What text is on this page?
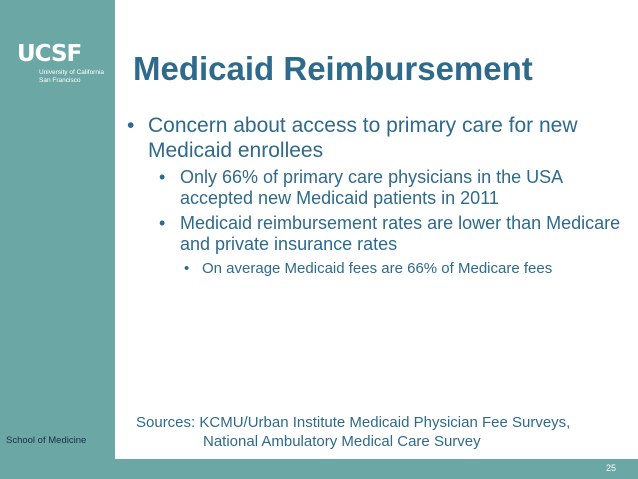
UCSF
University of California
San Francisco
School of Medicine
Medicaid Reimbursement
• Concern about access to primary care for new Medicaid enrollees
• Only 66% of primary care physicians in the USA accepted new Medicaid patients in 2011
• Medicaid reimbursement rates are lower than Medicare and private insurance rates
• On average Medicaid fees are 66% of Medicare fees
Sources: KCMU/Urban Institute Medicaid Physician Fee Surveys,
National Ambulatory Medical Care Survey
25
